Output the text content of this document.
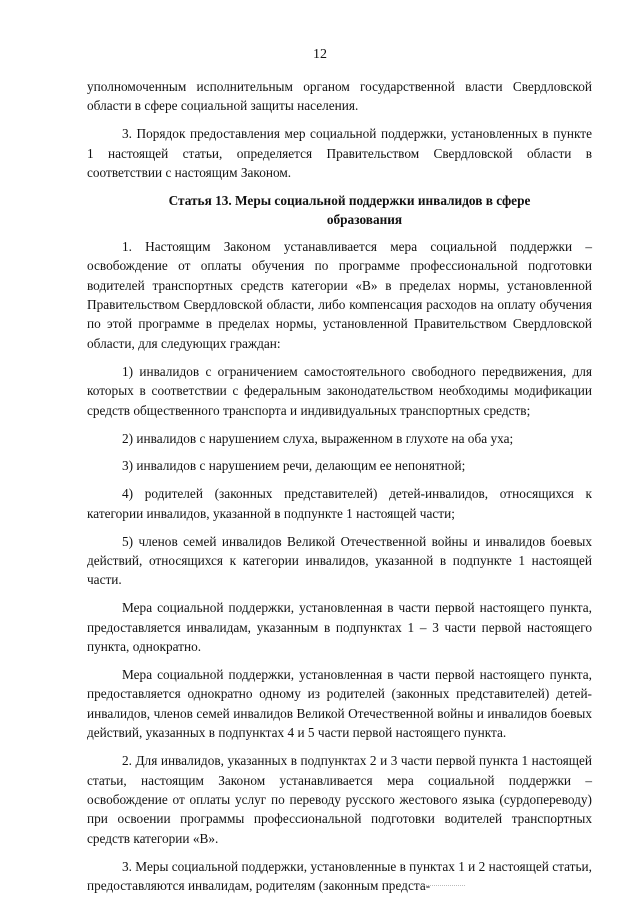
12

уполномоченным исполнительным органом государственной власти Свердловской области в сфере социальной защиты населения.

3. Порядок предоставления мер социальной поддержки, установленных в пункте 1 настоящей статьи, определяется Правительством Свердловской области в соответствии с настоящим Законом.

Статья 13. Меры социальной поддержки инвалидов в сфере
образования

1. Настоящим Законом устанавливается мера социальной поддержки – освобождение от оплаты обучения по программе профессиональной подготовки водителей транспортных средств категории «В» в пределах нормы, установленной Правительством Свердловской области, либо компенсация расходов на оплату обучения по этой программе в пределах нормы, установленной Правительством Свердловской области, для следующих граждан:

1) инвалидов с ограничением самостоятельного свободного передвижения, для которых в соответствии с федеральным законодательством необходимы модификации средств общественного транспорта и индивидуальных транспортных средств;

2) инвалидов с нарушением слуха, выраженном в глухоте на оба уха;

3) инвалидов с нарушением речи, делающим ее непонятной;

4) родителей (законных представителей) детей-инвалидов, относящихся к категории инвалидов, указанной в подпункте 1 настоящей части;

5) членов семей инвалидов Великой Отечественной войны и инвалидов боевых действий, относящихся к категории инвалидов, указанной в подпункте 1 настоящей части.

Мера социальной поддержки, установленная в части первой настоящего пункта, предоставляется инвалидам, указанным в подпунктах 1 – 3 части первой настоящего пункта, однократно.

Мера социальной поддержки, установленная в части первой настоящего пункта, предоставляется однократно одному из родителей (законных представителей) детей-инвалидов, членов семей инвалидов Великой Отечественной войны и инвалидов боевых действий, указанных в подпунктах 4 и 5 части первой настоящего пункта.

2. Для инвалидов, указанных в подпунктах 2 и 3 части первой пункта 1 настоящей статьи, настоящим Законом устанавливается мера социальной поддержки – освобождение от оплаты услуг по переводу русского жестового языка (сурдопереводу) при освоении программы профессиональной подготовки водителей транспортных средств категории «В».

3. Меры социальной поддержки, установленные в пунктах 1 и 2 настоящей статьи, предоставляются инвалидам, родителям (законным предста-
